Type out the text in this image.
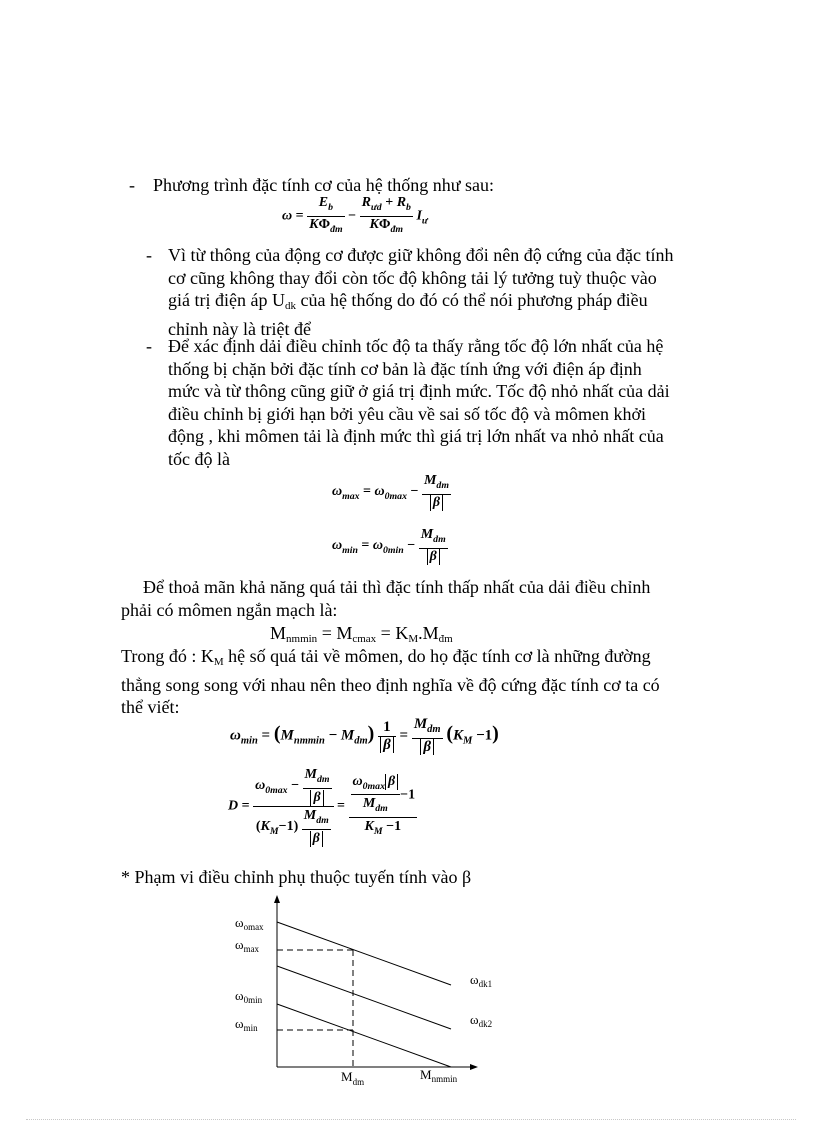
- Phương trình đặc tính cơ của hệ thống như sau:
$\omega = \frac{E_b}{K\Phi_{đm}} - \frac{R_{ưd} + R_b}{K\Phi_{đm}} I_ư$
- Vì từ thông của động cơ được giữ không đổi nên độ cứng của đặc tính
cơ cũng không thay đổi còn tốc độ không tải lý tưởng tuỳ thuộc vào
giá trị điện áp $U_{dk}$ của hệ thống do đó có thể nói phương pháp điều
chỉnh này là triệt để
- Để xác định dải điều chỉnh tốc độ ta thấy rằng tốc độ lớn nhất của hệ
thống bị chặn bởi đặc tính cơ bản là đặc tính ứng với điện áp định
mức và từ thông cũng giữ ở giá trị định mức. Tốc độ nhỏ nhất của dải
điều chỉnh bị giới hạn bởi yêu cầu về sai số tốc độ và mômen khởi
động , khi mômen tải là định mức thì giá trị lớn nhất va nhỏ nhất của
tốc độ là
$\omega_{max} = \omega_{0max} - \frac{M_{dm}}{\beta}$
$\omega_{min} = \omega_{0min} - \frac{M_{dm}}{\beta}$
Để thoả mãn khả năng quá tải thì đặc tính thấp nhất của dải điều chỉnh
phải có mômen ngắn mạch là:
$M_{nmmin} = M_{cmax} = K_M.M_{đm}$
Trong đó : $K_M$ hệ số quá tải về mômen, do họ đặc tính cơ là những đường
thẳng song song với nhau nên theo định nghĩa về độ cứng đặc tính cơ ta có
thể viết:
$\omega_{min} = (M_{nmmin} - M_{dm}) \frac{1}{\beta} = \frac{M_{dm}}{\beta} (K_M -1)$
$D = \frac{\omega_{0max} - \frac{M_{dm}}{\beta}}{(K_M-1) \frac{M_{dm}}{\beta}} = \frac{\frac{\omega_{0max} \beta}{M_{dm}} -1}{K_M -1}$
* Phạm vi điều chỉnh phụ thuộc tuyến tính vào β
$\omega_{omax}$
$\omega_{max}$
$\omega_{0min}$
$\omega_{min}$
$\omega_{dk1}$
$\omega_{dk2}$
$M_{dm}$	$M_{nmmin}$
